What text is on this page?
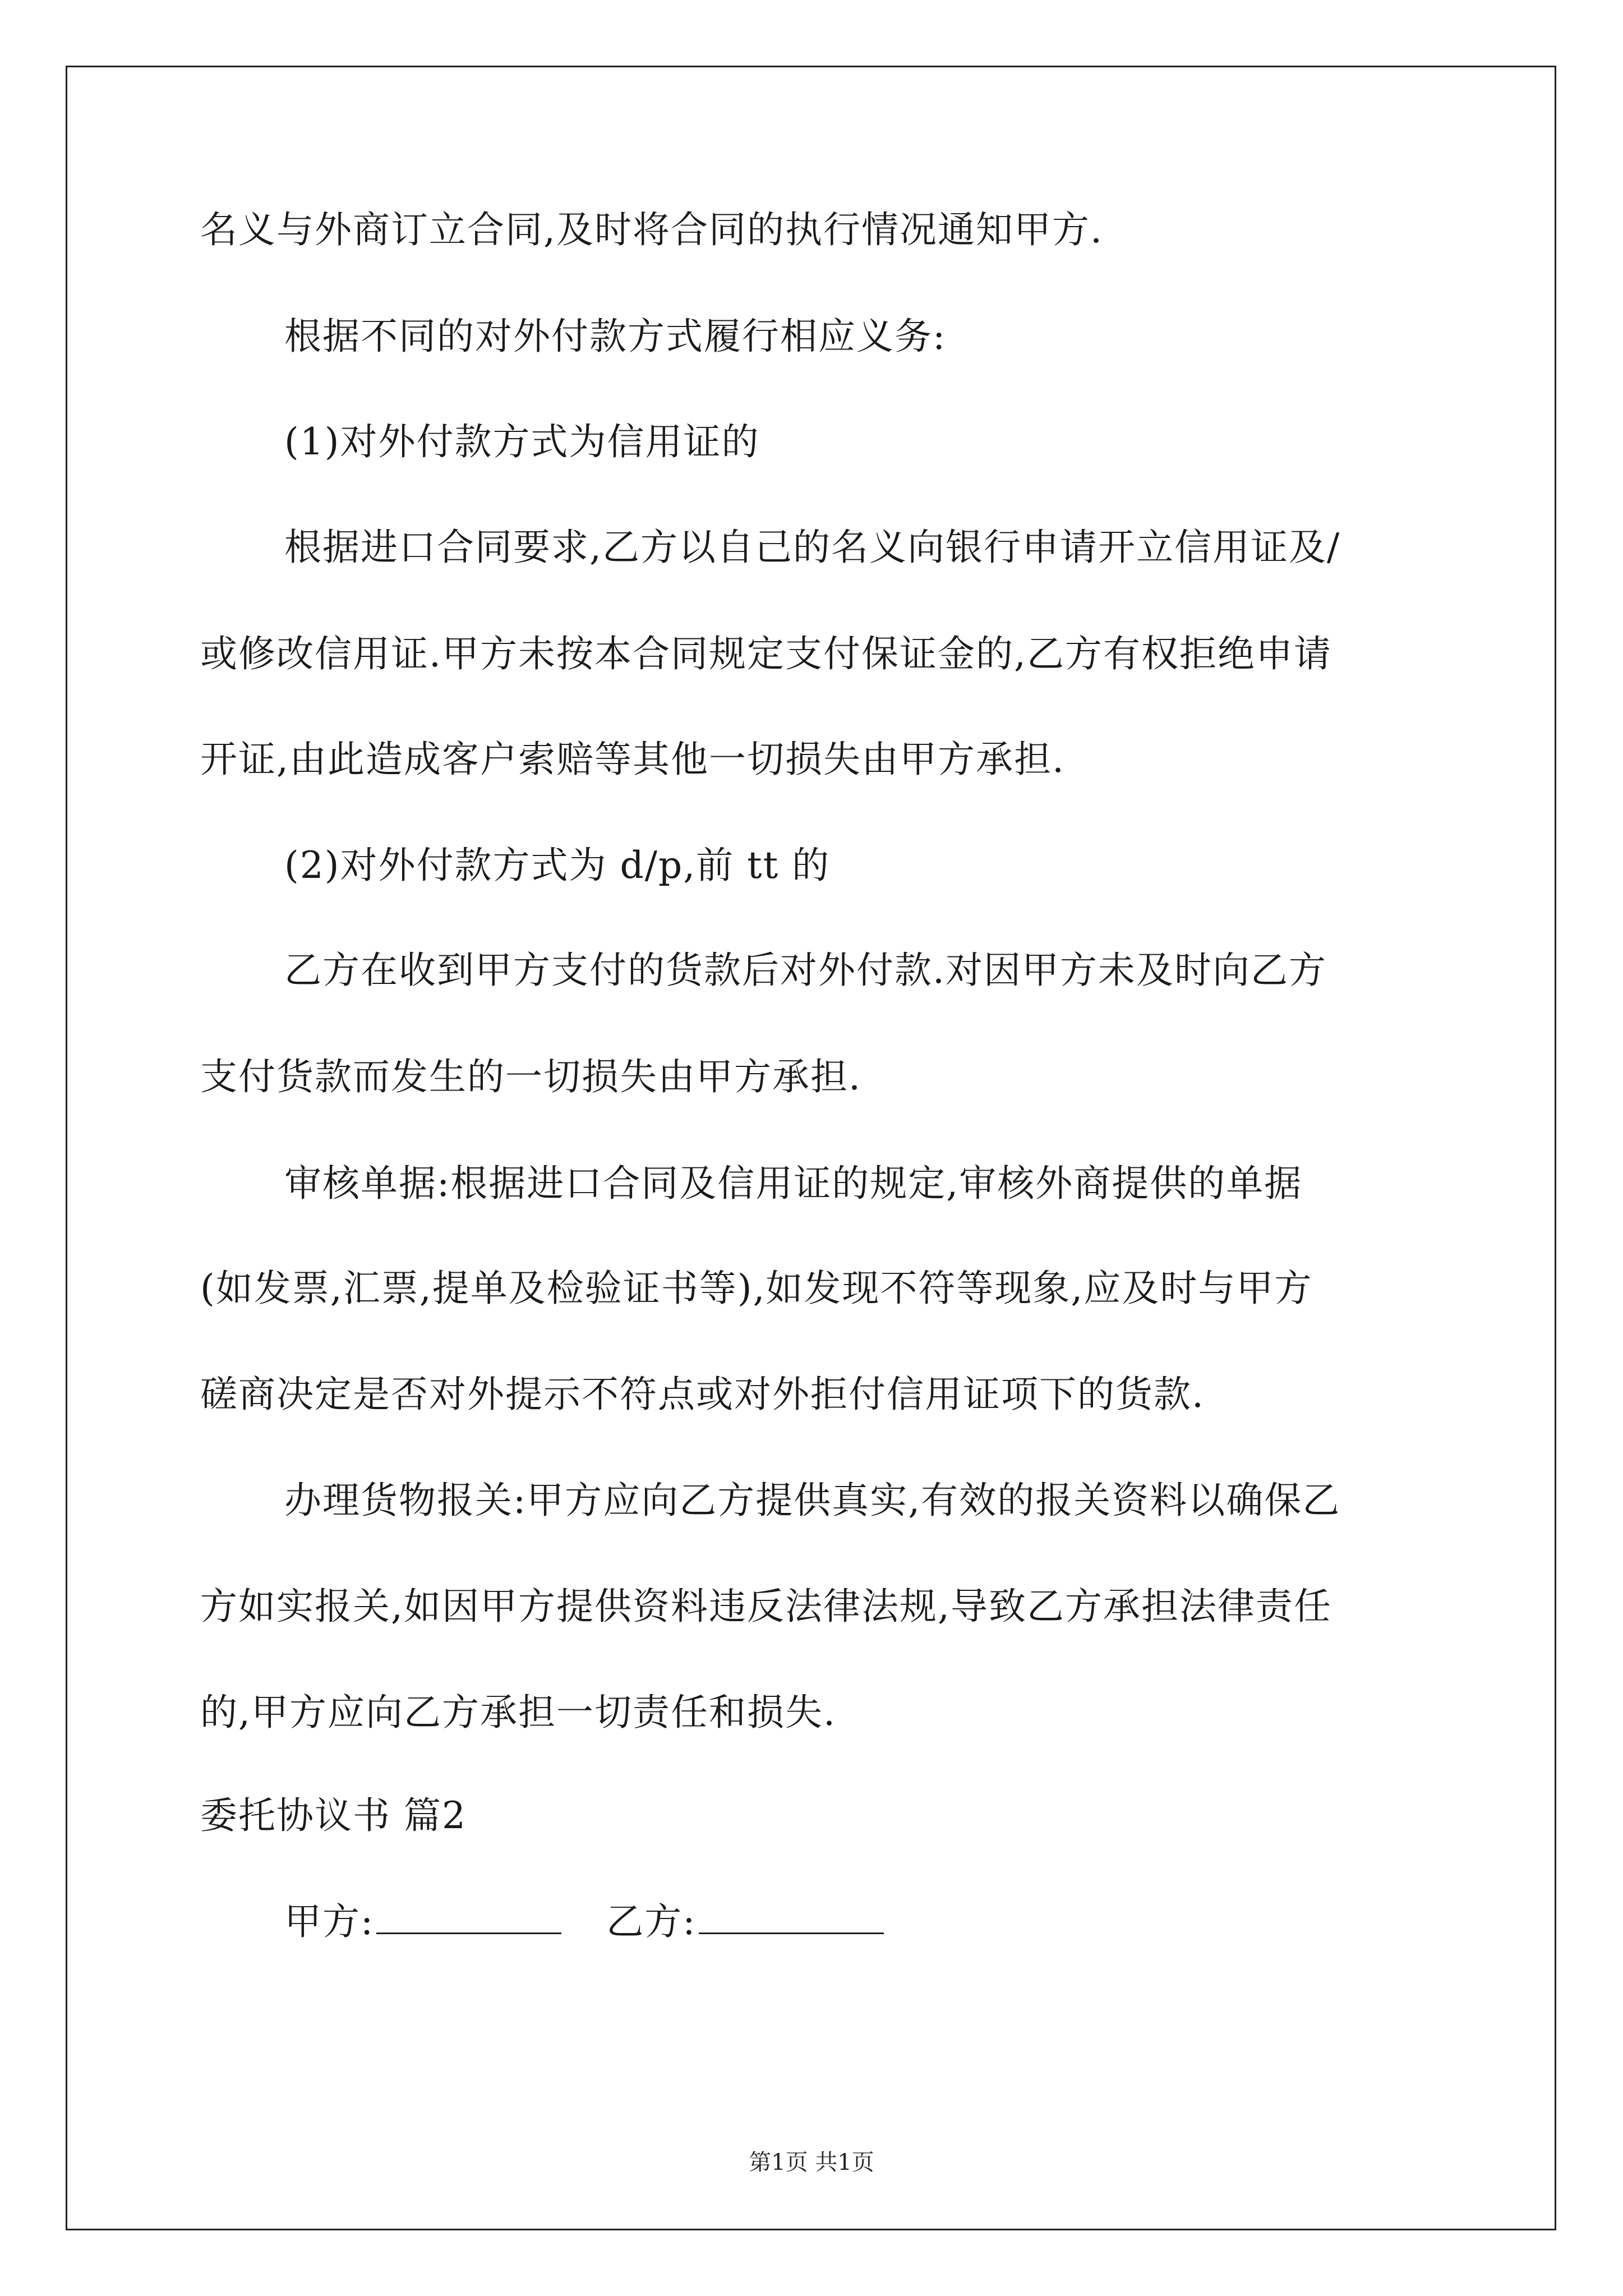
名义与外商订立合同,及时将合同的执行情况通知甲方.
根据不同的对外付款方式履行相应义务:
(1)对外付款方式为信用证的
根据进口合同要求,乙方以自己的名义向银行申请开立信用证及/
或修改信用证.甲方未按本合同规定支付保证金的,乙方有权拒绝申请
开证,由此造成客户索赔等其他一切损失由甲方承担.
(2)对外付款方式为 d/p,前 tt 的
乙方在收到甲方支付的货款后对外付款.对因甲方未及时向乙方
支付货款而发生的一切损失由甲方承担.
审核单据:根据进口合同及信用证的规定,审核外商提供的单据
(如发票,汇票,提单及检验证书等),如发现不符等现象,应及时与甲方
磋商决定是否对外提示不符点或对外拒付信用证项下的货款.
办理货物报关:甲方应向乙方提供真实,有效的报关资料以确保乙
方如实报关,如因甲方提供资料违反法律法规,导致乙方承担法律责任
的,甲方应向乙方承担一切责任和损失.
委托协议书 篇2
甲方:	乙方:
第1页 共1页
